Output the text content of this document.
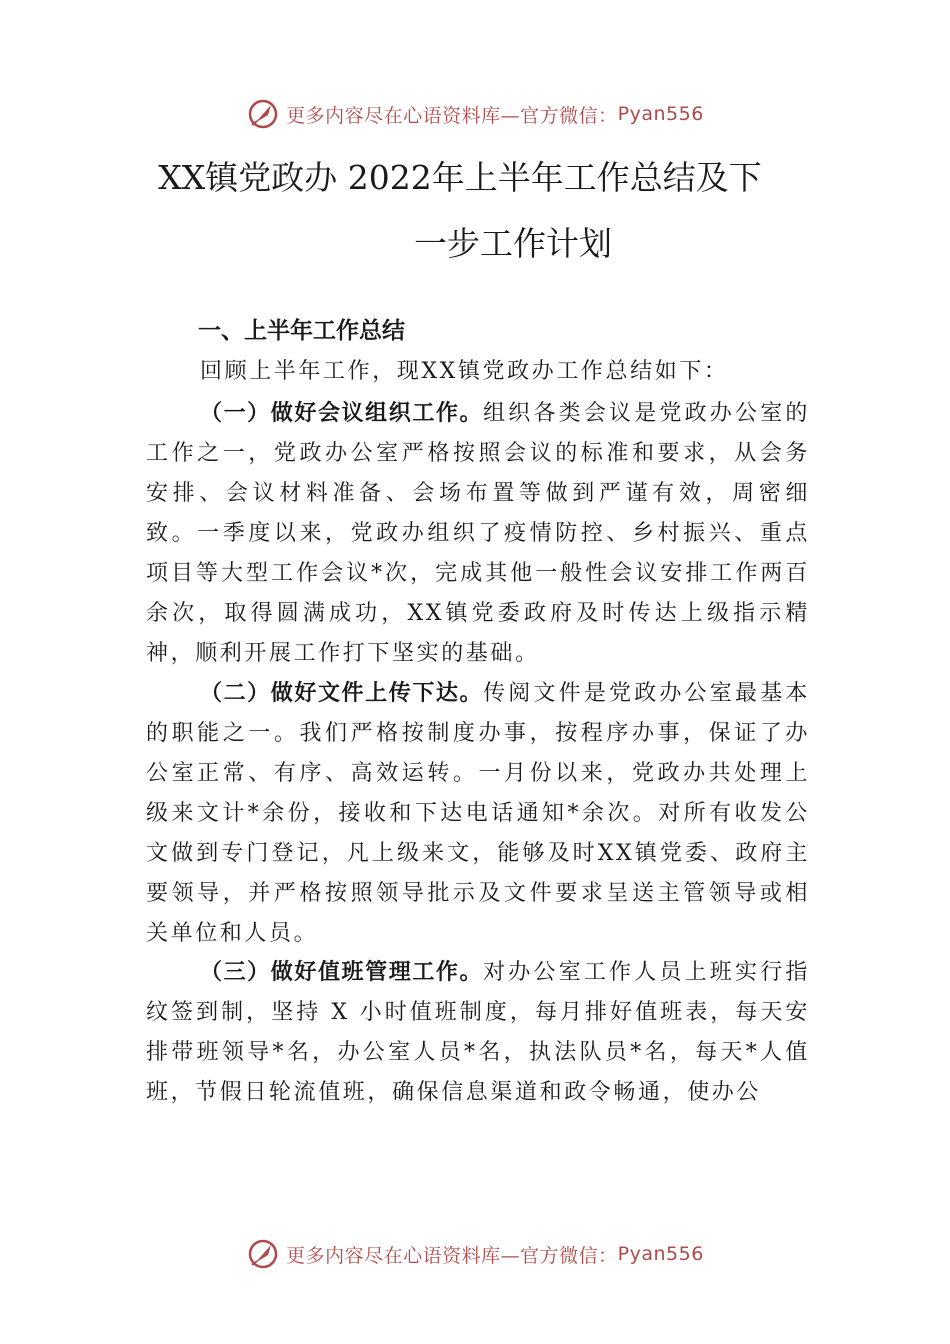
更多内容尽在心语资料库—官方微信： Pyan556
XX镇党政办 2022年上半年工作总结及下
一步工作计划
一、上半年工作总结

回顾上半年工作，现XX镇党政办工作总结如下：

（一）做好会议组织工作。组织各类会议是党政办公室的工作之一，党政办公室严格按照会议的标准和要求，从会务安排、会议材料准备、会场布置等做到严谨有效，周密细致。一季度以来，党政办组织了疫情防控、乡村振兴、重点项目等大型工作会议*次，完成其他一般性会议安排工作两百余次，取得圆满成功，XX镇党委政府及时传达上级指示精神，顺利开展工作打下坚实的基础。

（二）做好文件上传下达。传阅文件是党政办公室最基本的职能之一。我们严格按制度办事，按程序办事，保证了办公室正常、有序、高效运转。一月份以来，党政办共处理上级来文计*余份，接收和下达电话通知*余次。对所有收发公文做到专门登记，凡上级来文，能够及时XX镇党委、政府主要领导，并严格按照领导批示及文件要求呈送主管领导或相关单位和人员。

（三）做好值班管理工作。对办公室工作人员上班实行指纹签到制，坚持 X 小时值班制度，每月排好值班表，每天安排带班领导*名，办公室人员*名，执法队员*名，每天*人值班，节假日轮流值班，确保信息渠道和政令畅通，使办公

更多内容尽在心语资料库—官方微信： Pyan556
